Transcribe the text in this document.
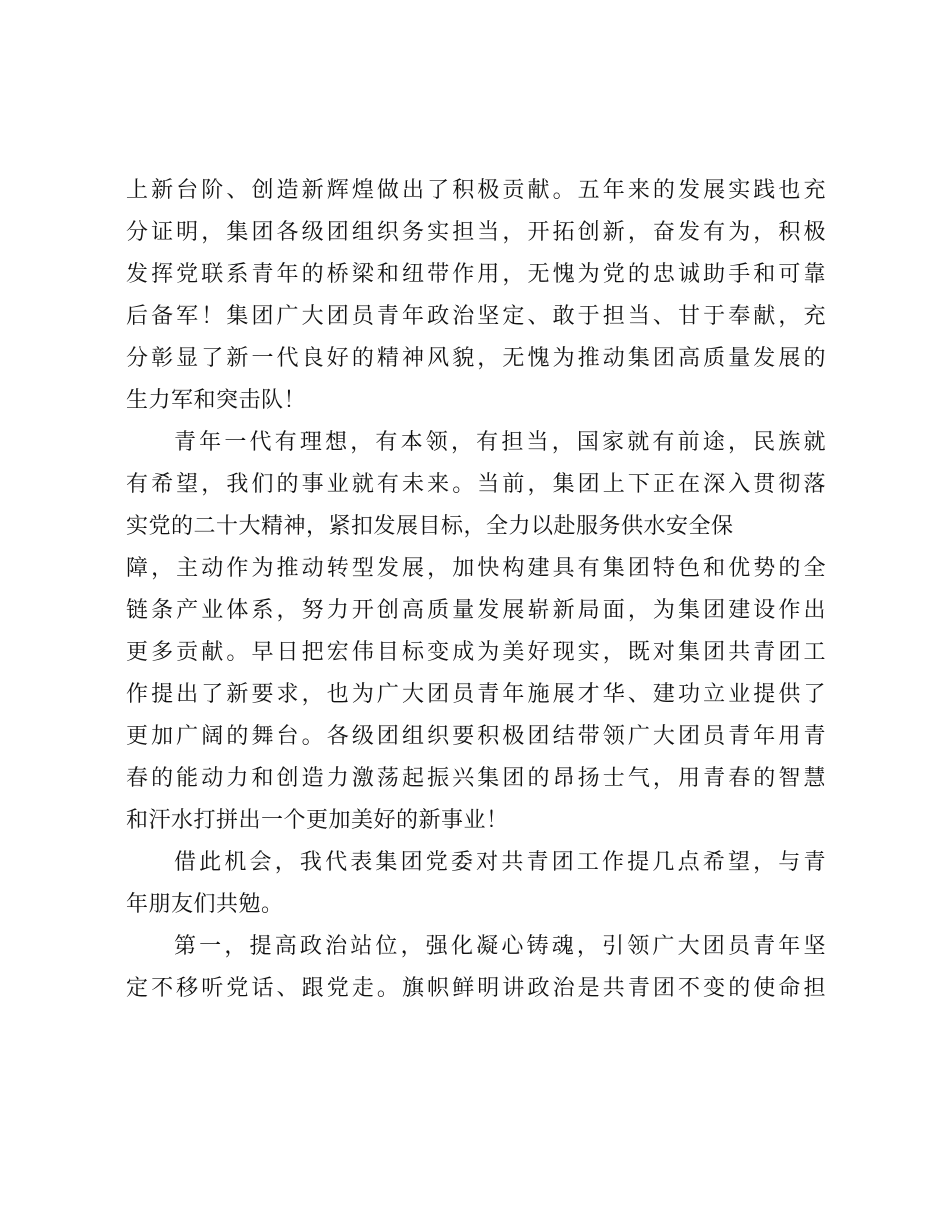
上新台阶、创造新辉煌做出了积极贡献。五年来的发展实践也充
分证明，集团各级团组织务实担当，开拓创新，奋发有为，积极
发挥党联系青年的桥梁和纽带作用，无愧为党的忠诚助手和可靠
后备军！集团广大团员青年政治坚定、敢于担当、甘于奉献，充
分彰显了新一代良好的精神风貌，无愧为推动集团高质量发展的
生力军和突击队！
青年一代有理想，有本领，有担当，国家就有前途，民族就
有希望，我们的事业就有未来。当前，集团上下正在深入贯彻落
实党的二十大精神，紧扣发展目标，全力以赴服务供水安全保
障，主动作为推动转型发展，加快构建具有集团特色和优势的全
链条产业体系，努力开创高质量发展崭新局面，为集团建设作出
更多贡献。早日把宏伟目标变成为美好现实，既对集团共青团工
作提出了新要求，也为广大团员青年施展才华、建功立业提供了
更加广阔的舞台。各级团组织要积极团结带领广大团员青年用青
春的能动力和创造力激荡起振兴集团的昂扬士气，用青春的智慧
和汗水打拼出一个更加美好的新事业！
借此机会，我代表集团党委对共青团工作提几点希望，与青
年朋友们共勉。
第一，提高政治站位，强化凝心铸魂，引领广大团员青年坚
定不移听党话、跟党走。旗帜鲜明讲政治是共青团不变的使命担
